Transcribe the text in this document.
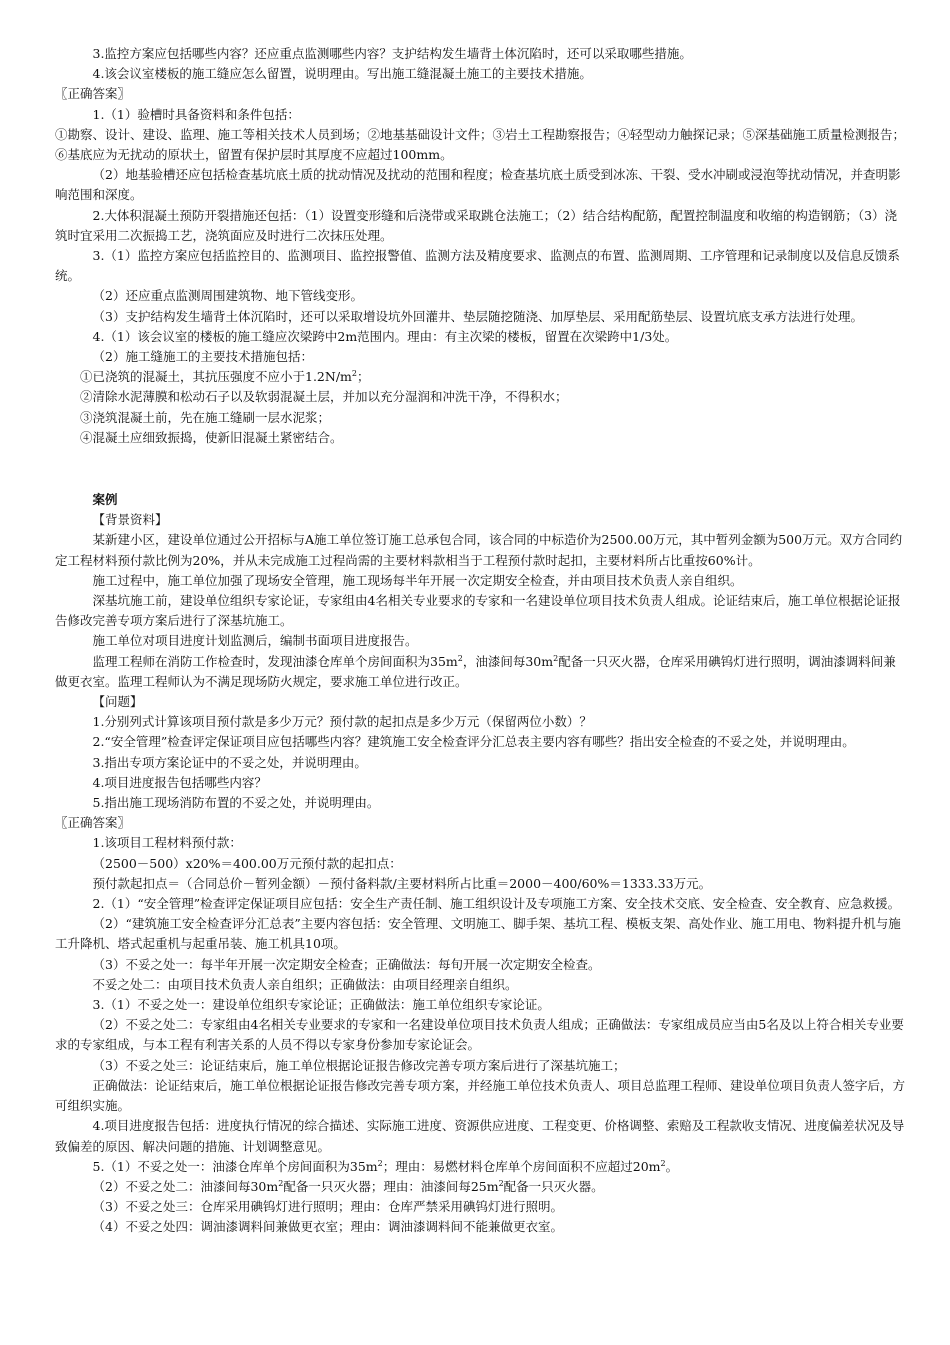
3.监控方案应包括哪些内容？还应重点监测哪些内容？支护结构发生墙背土体沉陷时，还可以采取哪些措施。

4.该会议室楼板的施工缝应怎么留置，说明理由。写出施工缝混凝土施工的主要技术措施。

〖正确答案〗

1.（1）验槽时具备资料和条件包括：

①勘察、设计、建设、监理、施工等相关技术人员到场；②地基基础设计文件；③岩土工程勘察报告；④轻型动力触探记录；⑤深基础施工质量检测报告；⑥基底应为无扰动的原状土，留置有保护层时其厚度不应超过100mm。

（2）地基验槽还应包括检查基坑底土质的扰动情况及扰动的范围和程度；检查基坑底土质受到冰冻、干裂、受水冲刷或浸泡等扰动情况，并查明影响范围和深度。

2.大体积混凝土预防开裂措施还包括：（1）设置变形缝和后浇带或采取跳仓法施工；（2）结合结构配筋，配置控制温度和收缩的构造钢筋；（3）浇筑时宜采用二次振捣工艺，浇筑面应及时进行二次抹压处理。

3.（1）监控方案应包括监控目的、监测项目、监控报警值、监测方法及精度要求、监测点的布置、监测周期、工序管理和记录制度以及信息反馈系统。

（2）还应重点监测周围建筑物、地下管线变形。

（3）支护结构发生墙背土体沉陷时，还可以采取增设坑外回灌井、垫层随挖随浇、加厚垫层、采用配筋垫层、设置坑底支承方法进行处理。

4.（1）该会议室的楼板的施工缝应次梁跨中2m范围内。理由：有主次梁的楼板，留置在次梁跨中1/3处。

（2）施工缝施工的主要技术措施包括：

①已浇筑的混凝土，其抗压强度不应小于$1.2N/m^2$；

②清除水泥薄膜和松动石子以及软弱混凝土层，并加以充分湿润和冲洗干净，不得积水；

③浇筑混凝土前，先在施工缝刷一层水泥浆；

④混凝土应细致振捣，使新旧混凝土紧密结合。

案例

【背景资料】

某新建小区，建设单位通过公开招标与A施工单位签订施工总承包合同，该合同的中标造价为2500.00万元，其中暂列金额为500万元。双方合同约定工程材料预付款比例为20%，并从未完成施工过程尚需的主要材料款相当于工程预付款时起扣，主要材料所占比重按60%计。

施工过程中，施工单位加强了现场安全管理，施工现场每半年开展一次定期安全检查，并由项目技术负责人亲自组织。

深基坑施工前，建设单位组织专家论证，专家组由4名相关专业要求的专家和一名建设单位项目技术负责人组成。论证结束后，施工单位根据论证报告修改完善专项方案后进行了深基坑施工。

施工单位对项目进度计划监测后，编制书面项目进度报告。

监理工程师在消防工作检查时，发现油漆仓库单个房间面积为$35m^2$，油漆间每$30m^2$配备一只灭火器，仓库采用碘钨灯进行照明，调油漆调料间兼做更衣室。监理工程师认为不满足现场防火规定，要求施工单位进行改正。

【问题】

1.分别列式计算该项目预付款是多少万元？预付款的起扣点是多少万元（保留两位小数）？

2.“安全管理”检查评定保证项目应包括哪些内容？建筑施工安全检查评分汇总表主要内容有哪些？指出安全检查的不妥之处，并说明理由。

3.指出专项方案论证中的不妥之处，并说明理由。

4.项目进度报告包括哪些内容？

5.指出施工现场消防布置的不妥之处，并说明理由。

〖正确答案〗

1.该项目工程材料预付款：

（2500－500）x20%＝400.00万元预付款的起扣点：

预付款起扣点＝（合同总价－暂列金额）－预付备料款/主要材料所占比重＝2000－400/60%＝1333.33万元。

2.（1）“安全管理”检查评定保证项目应包括：安全生产责任制、施工组织设计及专项施工方案、安全技术交底、安全检查、安全教育、应急救援。

（2）“建筑施工安全检查评分汇总表”主要内容包括：安全管理、文明施工、脚手架、基坑工程、模板支架、高处作业、施工用电、物料提升机与施工升降机、塔式起重机与起重吊装、施工机具10项。

（3）不妥之处一：每半年开展一次定期安全检查；正确做法：每旬开展一次定期安全检查。

不妥之处二：由项目技术负责人亲自组织；正确做法：由项目经理亲自组织。

3.（1）不妥之处一：建设单位组织专家论证；正确做法：施工单位组织专家论证。

（2）不妥之处二：专家组由4名相关专业要求的专家和一名建设单位项目技术负责人组成；正确做法：专家组成员应当由5名及以上符合相关专业要求的专家组成，与本工程有利害关系的人员不得以专家身份参加专家论证会。

（3）不妥之处三：论证结束后，施工单位根据论证报告修改完善专项方案后进行了深基坑施工；

正确做法：论证结束后，施工单位根据论证报告修改完善专项方案，并经施工单位技术负责人、项目总监理工程师、建设单位项目负责人签字后，方可组织实施。

4.项目进度报告包括：进度执行情况的综合描述、实际施工进度、资源供应进度、工程变更、价格调整、索赔及工程款收支情况、进度偏差状况及导致偏差的原因、解决问题的措施、计划调整意见。

5.（1）不妥之处一：油漆仓库单个房间面积为$35m^2$；理由：易燃材料仓库单个房间面积不应超过$20m^2$。

（2）不妥之处二：油漆间每$30m^2$配备一只灭火器；理由：油漆间每$25m^2$配备一只灭火器。

（3）不妥之处三：仓库采用碘钨灯进行照明；理由：仓库严禁采用碘钨灯进行照明。

（4）不妥之处四：调油漆调料间兼做更衣室；理由：调油漆调料间不能兼做更衣室。
